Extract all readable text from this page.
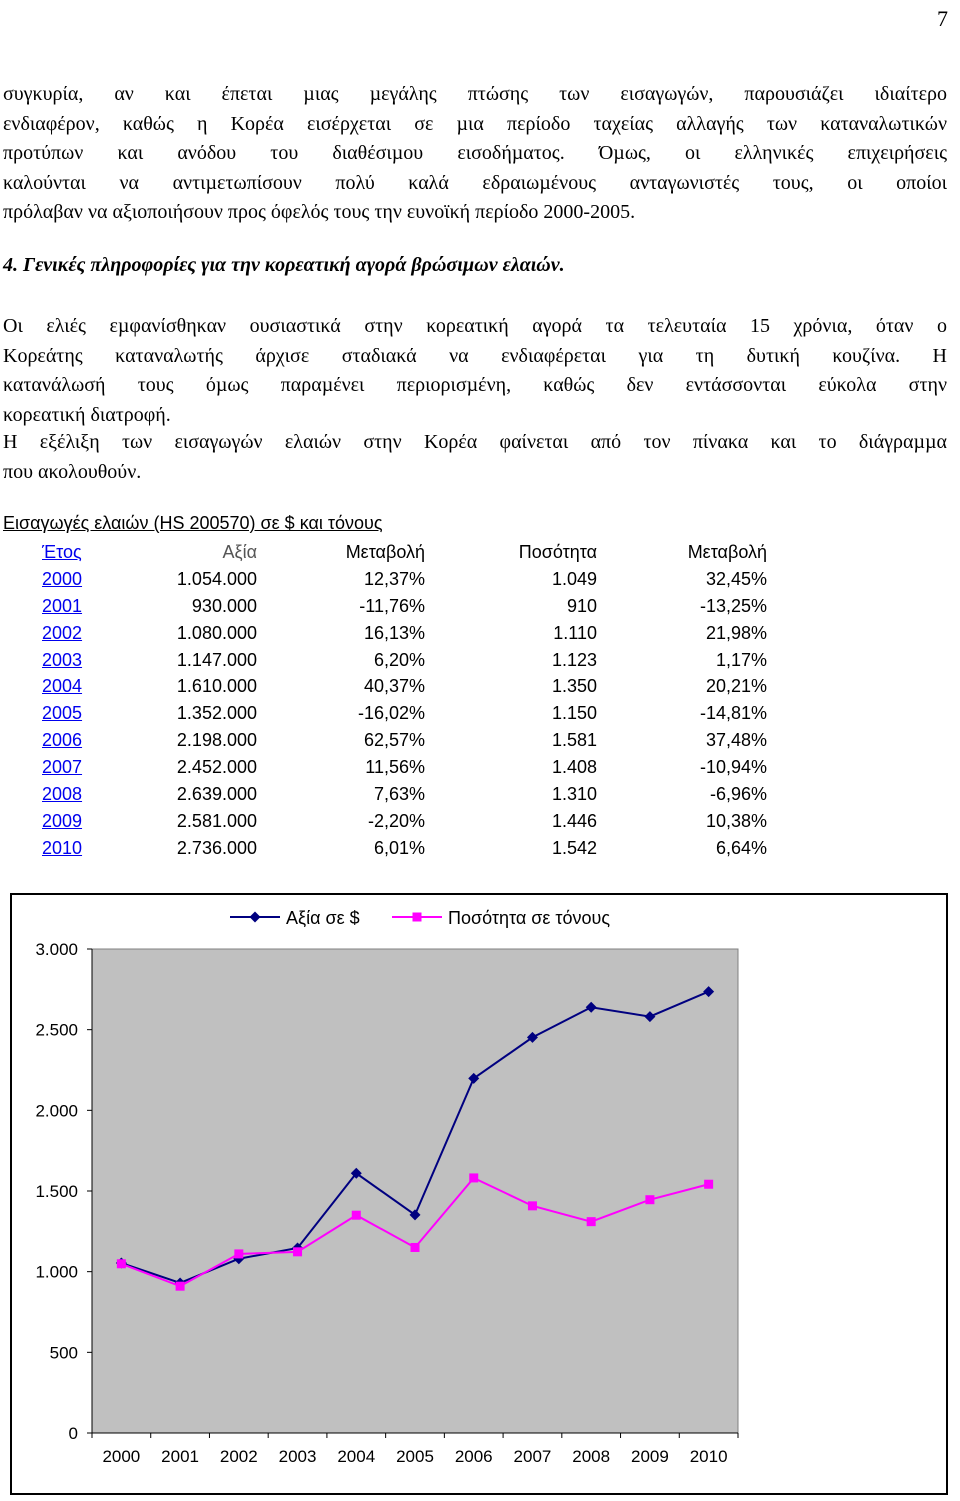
7
συγκυρία, αν και έπεται µιας µεγάλης πτώσης των εισαγωγών, παρουσιάζει ιδιαίτερο
ενδιαφέρον, καθώς η Κορέα εισέρχεται σε µια περίοδο ταχείας αλλαγής των καταναλωτικών
προτύπων και ανόδου του διαθέσιµου εισοδήµατος. Όµως, οι ελληνικές επιχειρήσεις
καλούνται να αντιµετωπίσουν πολύ καλά εδραιωµένους ανταγωνιστές τους, οι οποίοι
πρόλαβαν να αξιοποιήσουν προς όφελός τους την ευνοϊκή περίοδο 2000-2005.
4. Γενικές πληροφορίες για την κορεατική αγορά βρώσιµων ελαιών.
Οι ελιές εµφανίσθηκαν ουσιαστικά στην κορεατική αγορά τα τελευταία 15 χρόνια, όταν ο
Κορεάτης καταναλωτής άρχισε σταδιακά να ενδιαφέρεται για τη δυτική κουζίνα. Η
κατανάλωσή τους όµως παραµένει περιορισµένη, καθώς δεν εντάσσονται εύκολα στην
κορεατική διατροφή.
Η εξέλιξη των εισαγωγών ελαιών στην Κορέα φαίνεται από τον πίνακα και το διάγραµµα
που ακολουθούν.
Εισαγωγές ελαιών (HS 200570) σε $ και τόνους
Έτος	Αξία	Μεταβολή	Ποσότητα	Μεταβολή
2000	1.054.000	12,37%	1.049	32,45%
2001	930.000	-11,76%	910	-13,25%
2002	1.080.000	16,13%	1.110	21,98%
2003	1.147.000	6,20%	1.123	1,17%
2004	1.610.000	40,37%	1.350	20,21%
2005	1.352.000	-16,02%	1.150	-14,81%
2006	2.198.000	62,57%	1.581	37,48%
2007	2.452.000	11,56%	1.408	-10,94%
2008	2.639.000	7,63%	1.310	-6,96%
2009	2.581.000	-2,20%	1.446	10,38%
2010	2.736.000	6,01%	1.542	6,64%
0
500
1.000
1.500
2.000
2.500
3.000
2000 2001 2002 2003 2004 2005 2006 2007 2008 2009 2010
Αξία σε $	Ποσότητα σε τόνους
